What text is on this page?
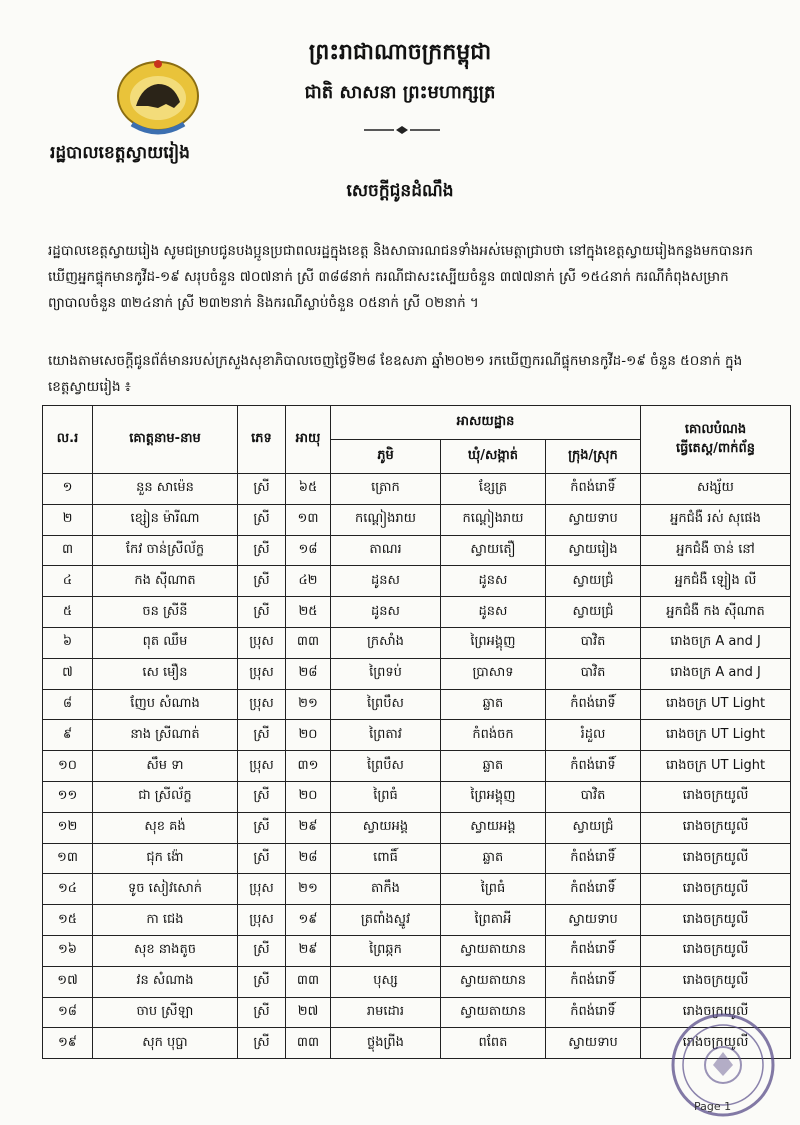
ព្រះរាជាណាចក្រកម្ពុជា
ជាតិ សាសនា ព្រះមហាក្សត្រ
រដ្ឋបាលខេត្តស្វាយរៀង
សេចក្តីជូនដំណឹង
រដ្ឋបាលខេត្តស្វាយរៀង សូមជម្រាបជូនបងប្អូនប្រជាពលរដ្ឋក្នុងខេត្ត និងសាធារណជនទាំងអស់មេត្តាជ្រាបថា នៅក្នុងខេត្តស្វាយរៀងកន្លងមកបានរកឃើញអ្នកផ្ទុកមានកូវីដ-១៩ សរុបចំនួន ៧០៧នាក់ ស្រី ៣៨៨នាក់ ករណីជាសះស្បើយចំនួន ៣៧៧នាក់ ស្រី ១៥៤នាក់ ករណីកំពុងសម្រាកព្យាបាលចំនួន ៣២៤នាក់ ស្រី ២៣២នាក់ និងករណីស្លាប់ចំនួន ០៥នាក់ ស្រី ០២នាក់ ។
យោងតាមសេចក្តីជូនព័ត៌មានរបស់ក្រសួងសុខាភិបាលចេញថ្ងៃទី២៨ ខែឧសភា ឆ្នាំ២០២១ រកឃើញករណីផ្ទុកមានកូវីដ-១៩ ចំនួន ៥០នាក់ ក្នុងខេត្តស្វាយរៀង ៖
ល.រ	គោត្តនាម-នាម	ភេទ	អាយុ	អាសយដ្ឋាន			គោលបំណង
ធ្វើតេស្ត/ពាក់ព័ន្ធ

				ភូមិ	ឃុំ/សង្កាត់	ក្រុង/ស្រុក	
១	នួន សាម៉េន	ស្រី	៦៥	ត្រោក	ខ្សែត្រ	កំពង់រោទិ៍	សង្ស័យ
២	ខ្សៀន ម៉ារីណា	ស្រី	១៣	កណ្តៀងរាយ	កណ្តៀងរាយ	ស្វាយទាប	អ្នកជំងឺ រស់ សុផេង
៣	កែវ ចាន់ស្រីល័ក្ខ	ស្រី	១៨	តាណរ	ស្វាយតឿ	ស្វាយរៀង	អ្នកជំងឺ ចាន់ នៅ
៤	កង ស៊ីណាត	ស្រី	៤២	ដូនស	ដូនស	ស្វាយជ្រំ	អ្នកជំងឺ ឡៀង លី
៥	ចន ស្រីនី	ស្រី	២៥	ដូនស	ដូនស	ស្វាយជ្រំ	អ្នកជំងឺ កង ស៊ីណាត
៦	ពុត ឈឹម	ប្រុស	៣៣	ក្រសាំង	ព្រៃអង្គុញ	បាវិត	រោងចក្រ A and J
៧	សេ មឿន	ប្រុស	២៨	ព្រៃទប់	ប្រាសាទ	បាវិត	រោងចក្រ A and J
៨	ញែប សំណាង	ប្រុស	២១	ព្រៃបឹស	ឆ្លាត	កំពង់រោទិ៍	រោងចក្រ UT Light
៩	នាង ស្រីណាត់	ស្រី	២០	ព្រៃតាវ	កំពង់ចក	រំដួល	រោងចក្រ UT Light
១០	សឹម ទា	ប្រុស	៣១	ព្រៃបឹស	ឆ្លាត	កំពង់រោទិ៍	រោងចក្រ UT Light
១១	ជា ស្រីល័ក្ខ	ស្រី	២០	ព្រៃធំ	ព្រៃអង្គុញ	បាវិត	រោងចក្រយូលី
១២	សុខ គង់	ស្រី	២៩	ស្វាយអង្គ	ស្វាយអង្គ	ស្វាយជ្រំ	រោងចក្រយូលី
១៣	ជុក ង៉ោ	ស្រី	២៨	ពោធិ៍	ឆ្លាត	កំពង់រោទិ៍	រោងចក្រយូលី
១៤	ទូច សៀវសោក់	ប្រុស	២១	តាកឹង	ព្រៃធំ	កំពង់រោទិ៍	រោងចក្រយូលី
១៥	កា ជេង	ប្រុស	១៩	ត្រពាំងស្នូវ	ព្រៃតាអី	ស្វាយទាប	រោងចក្រយូលី
១៦	សុខ នាងតូច	ស្រី	២៩	ព្រៃឆ្កក	ស្វាយតាយាន	កំពង់រោទិ៍	រោងចក្រយូលី
១៧	វន សំណាង	ស្រី	៣៣	បុស្ស	ស្វាយតាយាន	កំពង់រោទិ៍	រោងចក្រយូលី
១៨	ចាប ស្រីឡា	ស្រី	២៧	រាមដោរ	ស្វាយតាយាន	កំពង់រោទិ៍	រោងចក្រយូលី
១៩	សុក បុប្ផា	ស្រី	៣៣	ថ្លុងព្រីង	ពពែត	ស្វាយទាប	រោងចក្រយូលី
Page 1
